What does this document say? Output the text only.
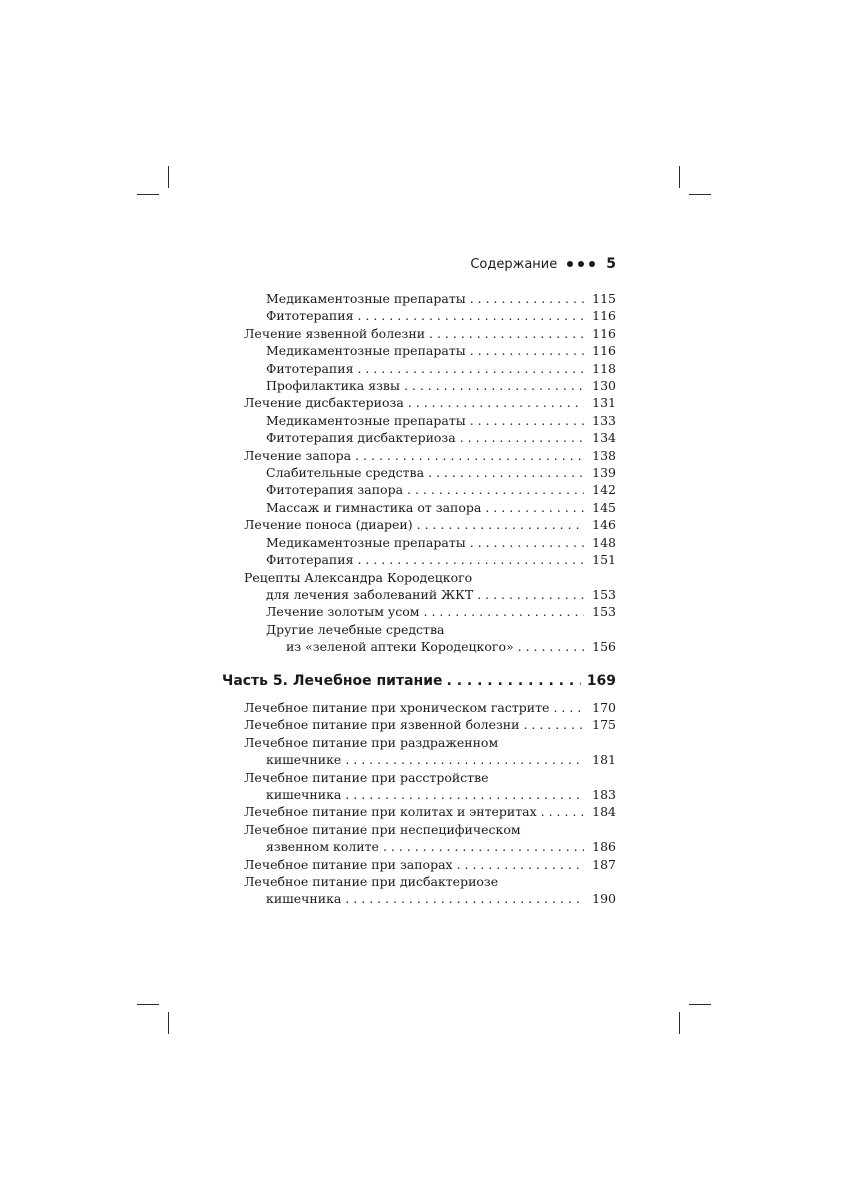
Содержание	5
Медикаментозные препараты . . .	115
Фитотерапия . . .	116
Лечение язвенной болезни . . .	116
Медикаментозные препараты . . .	116
Фитотерапия . . .	118
Профилактика язвы . . .	130
Лечение дисбактериоза . . .	131
Медикаментозные препараты . . .	133
Фитотерапия дисбактериоза . . .	134
Лечение запора . . .	138
Слабительные средства . . .	139
Фитотерапия запора . . .	142
Массаж и гимнастика от запора . . .	145
Лечение поноса (диареи) . . .	146
Медикаментозные препараты . . .	148
Фитотерапия . . .	151
Рецепты Александра Кородецкого
для лечения заболеваний ЖКТ . . .	153
Лечение золотым усом . . .	153
Другие лечебные средства
из «зеленой аптеки Кородецкого» . . .	156
Часть 5. Лечебное питание . . .	169
Лечебное питание при хроническом гастрите . . .	170
Лечебное питание при язвенной болезни . . .	175
Лечебное питание при раздраженном
кишечнике . . .	181
Лечебное питание при расстройстве
кишечника . . .	183
Лечебное питание при колитах и энтеритах . . .	184
Лечебное питание при неспецифическом
язвенном колите . . .	186
Лечебное питание при запорах . . .	187
Лечебное питание при дисбактериозе
кишечника . . .	190
